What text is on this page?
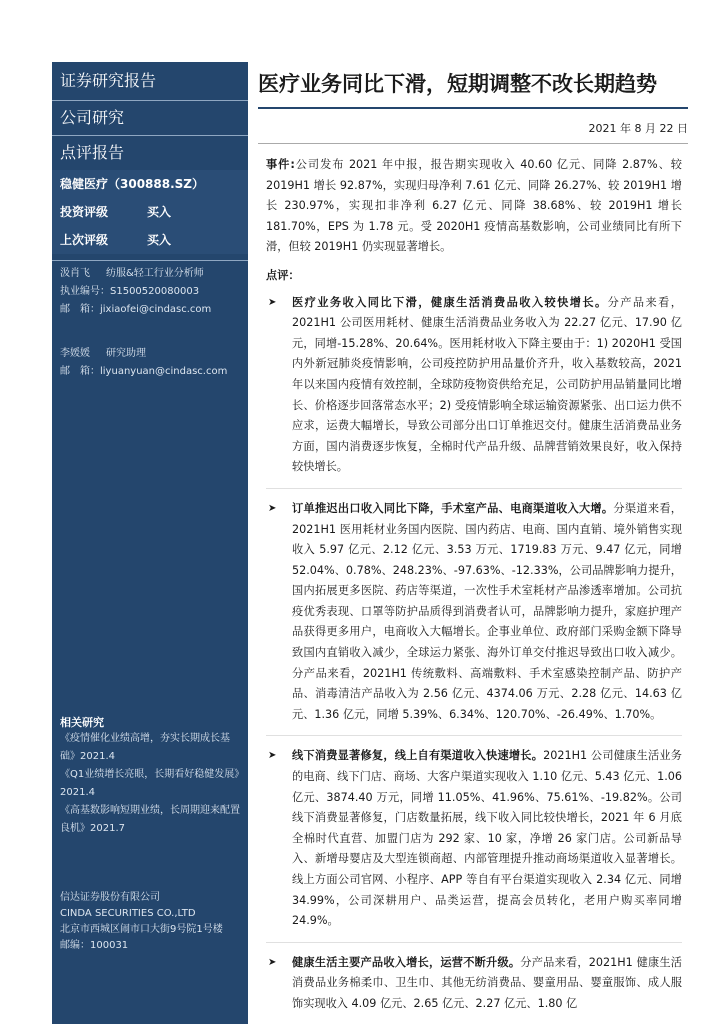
证券研究报告
公司研究
点评报告
稳健医疗（300888.SZ）
投资评级	买入
上次评级	买入
汲肖飞 纺服&轻工行业分析师
执业编号：S1500520080003
邮　箱：jixiaofei@cindasc.com
李媛媛 研究助理
邮　箱：liyuanyuan@cindasc.com
相关研究
《疫情催化业绩高增，夯实长期成长基础》2021.4
《Q1业绩增长亮眼，长期看好稳健发展》2021.4
《高基数影响短期业绩，长周期迎来配置良机》2021.7
信达证券股份有限公司
CINDA SECURITIES CO.,LTD
北京市西城区闹市口大街9号院1号楼
邮编：100031
医疗业务同比下滑，短期调整不改长期趋势
2021 年 8 月 22 日
事件:公司发布 2021 年中报，报告期实现收入 40.60 亿元、同降 2.87%、较 2019H1 增长 92.87%，实现归母净利 7.61 亿元、同降 26.27%、较 2019H1 增长 230.97%，实现扣非净利 6.27 亿元、同降 38.68%、较 2019H1 增长 181.70%，EPS 为 1.78 元。受 2020H1 疫情高基数影响，公司业绩同比有所下滑，但较 2019H1 仍实现显著增长。
点评：
➤ 医疗业务收入同比下滑，健康生活消费品收入较快增长。分产品来看，2021H1 公司医用耗材、健康生活消费品业务收入为 22.27 亿元、17.90 亿元，同增-15.28%、20.64%。医用耗材收入下降主要由于：1) 2020H1 受国内外新冠肺炎疫情影响，公司疫控防护用品量价齐升，收入基数较高，2021 年以来国内疫情有效控制，全球防疫物资供给充足，公司防护用品销量同比增长、价格逐步回落常态水平；2) 受疫情影响全球运输资源紧张、出口运力供不应求，运费大幅增长，导致公司部分出口订单推迟交付。健康生活消费品业务方面，国内消费逐步恢复，全棉时代产品升级、品牌营销效果良好，收入保持较快增长。
➤ 订单推迟出口收入同比下降，手术室产品、电商渠道收入大增。分渠道来看，2021H1 医用耗材业务国内医院、国内药店、电商、国内直销、境外销售实现收入 5.97 亿元、2.12 亿元、3.53 万元、1719.83 万元、9.47 亿元，同增 52.04%、0.78%、248.23%、-97.63%、-12.33%，公司品牌影响力提升，国内拓展更多医院、药店等渠道，一次性手术室耗材产品渗透率增加。公司抗疫优秀表现、口罩等防护品质得到消费者认可，品牌影响力提升，家庭护理产品获得更多用户，电商收入大幅增长。企事业单位、政府部门采购金额下降导致国内直销收入减少，全球运力紧张、海外订单交付推迟导致出口收入减少。分产品来看，2021H1 传统敷料、高端敷料、手术室感染控制产品、防护产品、消毒清洁产品收入为 2.56 亿元、4374.06 万元、2.28 亿元、14.63 亿元、1.36 亿元，同增 5.39%、6.34%、120.70%、-26.49%、1.70%。
➤ 线下消费显著修复，线上自有渠道收入快速增长。2021H1 公司健康生活业务的电商、线下门店、商场、大客户渠道实现收入 1.10 亿元、5.43 亿元、1.06 亿元、3874.40 万元，同增 11.05%、41.96%、75.61%、-19.82%。公司线下消费显著修复，门店数量拓展，线下收入同比较快增长，2021 年 6 月底全棉时代直营、加盟门店为 292 家、10 家，净增 26 家门店。公司新品导入、新增母婴店及大型连锁商超、内部管理提升推动商场渠道收入显著增长。线上方面公司官网、小程序、APP 等自有平台渠道实现收入 2.34 亿元、同增 34.99%，公司深耕用户、品类运营，提高会员转化，老用户购买率同增 24.9%。
➤ 健康生活主要产品收入增长，运营不断升级。分产品来看，2021H1 健康生活消费品业务棉柔巾、卫生巾、其他无纺消费品、婴童用品、婴童服饰、成人服饰实现收入 4.09 亿元、2.65 亿元、2.27 亿元、1.80 亿
